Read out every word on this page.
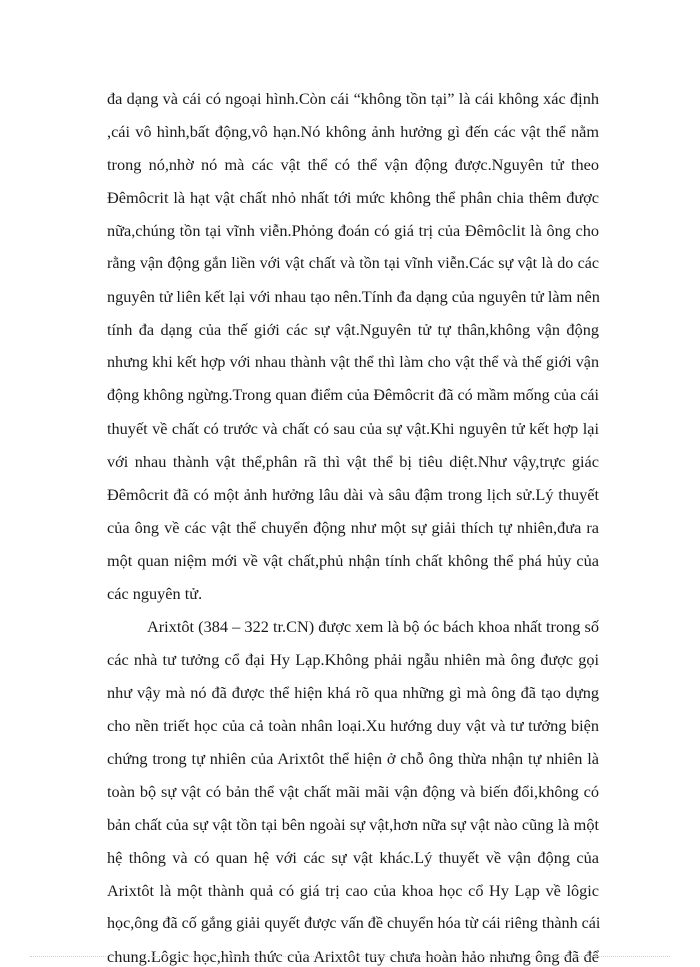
đa dạng và cái có ngoại hình.Còn cái “không tồn tại” là cái không xác định
,cái vô hình,bất động,vô hạn.Nó không ảnh hưởng gì đến các vật thể nằm
trong nó,nhờ nó mà các vật thể có thể vận động được.Nguyên tử theo
Đêmôcrit là hạt vật chất nhỏ nhất tới mức không thể phân chia thêm được
nữa,chúng tồn tại vĩnh viễn.Phỏng đoán có giá trị của Đêmôclit là ông cho
rằng vận động gắn liền với vật chất và tồn tại vĩnh viễn.Các sự vật là do các
nguyên tử liên kết lại với nhau tạo nên.Tính đa dạng của nguyên tử làm nên
tính đa dạng của thế giới các sự vật.Nguyên tử tự thân,không vận động
nhưng khi kết hợp với nhau thành vật thể thì làm cho vật thể và thế giới vận
động không ngừng.Trong quan điểm của Đêmôcrit đã có mầm mống của cái
thuyết về chất có trước và chất có sau của sự vật.Khi nguyên tử kết hợp lại
với nhau thành vật thể,phân rã thì vật thể bị tiêu diệt.Như vậy,trực giác
Đêmôcrit đã có một ảnh hưởng lâu dài và sâu đậm trong lịch sử.Lý thuyết
của ông về các vật thể chuyển động như một sự giải thích tự nhiên,đưa ra
một quan niệm mới về vật chất,phủ nhận tính chất không thể phá hủy của
các nguyên tử.
Arixtôt (384 – 322 tr.CN) được xem là bộ óc bách khoa nhất trong số
các nhà tư tưởng cổ đại Hy Lạp.Không phải ngẫu nhiên mà ông được gọi
như vậy mà nó đã được thể hiện khá rõ qua những gì mà ông đã tạo dựng
cho nền triết học của cả toàn nhân loại.Xu hướng duy vật và tư tưởng biện
chứng trong tự nhiên của Arixtôt thể hiện ở chỗ ông thừa nhận tự nhiên là
toàn bộ sự vật có bản thể vật chất mãi mãi vận động và biến đổi,không có
bản chất của sự vật tồn tại bên ngoài sự vật,hơn nữa sự vật nào cũng là một
hệ thông và có quan hệ với các sự vật khác.Lý thuyết về vận động của
Arixtôt là một thành quả có giá trị cao của khoa học cổ Hy Lạp về lôgic
học,ông đã cố gắng giải quyết được vấn đề chuyển hóa từ cái riêng thành cái
chung.Lôgic học,hình thức của Arixtôt tuy chưa hoàn hảo nhưng ông đã để
